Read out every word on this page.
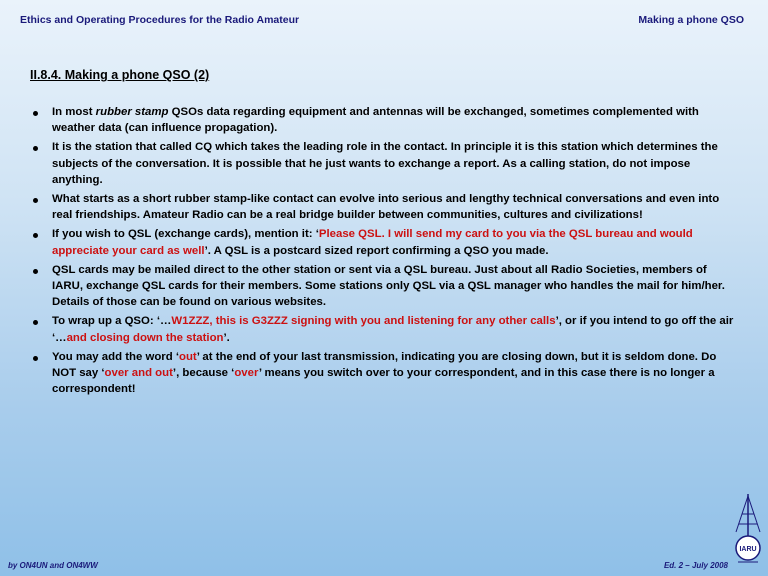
Ethics and Operating Procedures for the Radio Amateur	Making a phone QSO
II.8.4. Making a phone QSO (2)
In most rubber stamp QSOs data regarding equipment and antennas will be exchanged, sometimes complemented with weather data (can influence propagation).
It is the station that called CQ which takes the leading role in the contact. In principle it is this station which determines the subjects of the conversation. It is possible that he just wants to exchange a report. As a calling station, do not impose anything.
What starts as a short rubber stamp-like contact can evolve into serious and lengthy technical conversations and even into real friendships. Amateur Radio can be a real bridge builder between communities, cultures and civilizations!
If you wish to QSL (exchange cards), mention it: ‘Please QSL. I will send my card to you via the QSL bureau and would appreciate your card as well’. A QSL is a postcard sized report confirming a QSO you made.
QSL cards may be mailed direct to the other station or sent via a QSL bureau. Just about all Radio Societies, members of IARU, exchange QSL cards for their members. Some stations only QSL via a QSL manager who handles the mail for him/her. Details of those can be found on various websites.
To wrap up a QSO: ‘…W1ZZZ, this is G3ZZZ signing with you and listening for any other calls’, or if you intend to go off the air ‘…and closing down the station’.
You may add the word ‘out’ at the end of your last transmission, indicating you are closing down, but it is seldom done. Do NOT say ‘over and out’, because ‘over’ means you switch over to your correspondent, and in this case there is no longer a correspondent!
by ON4UN and ON4WW	Ed. 2 – July 2008
IARU
